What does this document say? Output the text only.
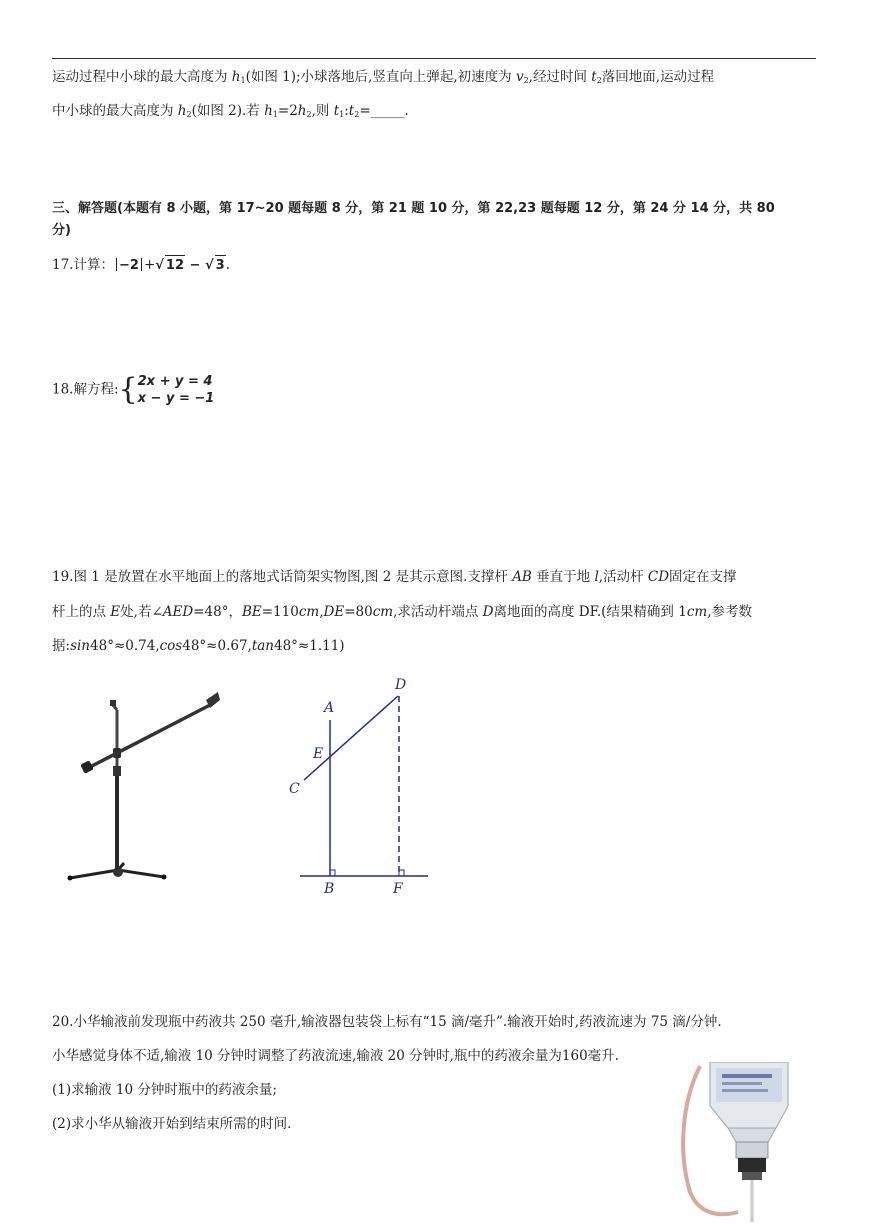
运动过程中小球的最大高度为 $h_1$(如图 1);小球落地后,竖直向上弹起,初速度为 $v_2$,经过时间 $t_2$落回地面,运动过程
中小球的最大高度为 $h_2$(如图 2).若 $h_1=2h_2$,则 $t_1:t_2=\_\_\_\_\_$.
三、解答题(本题有 8 小题，第 17~20 题每题 8 分，第 21 题 10 分，第 22,23 题每题 12 分，第 24 分 14 分，共 80
分)
17.计算： −2 +√ 12 − √ 3.
18.解方程:{ 2x + y = 4
x − y = −1
19.图 1 是放置在水平地面上的落地式话筒架实物图,图 2 是其示意图.支撑杆 AB 垂直于地 l,活动杆 CD固定在支撑
杆上的点 E处,若∠AED=48°，BE=110cm,DE=80cm,求活动杆端点 D离地面的高度 DF.(结果精确到 1cm,参考数
据:sin48°≈0.74,cos48°≈0.67,tan48°≈1.11)
A
D
E
C
B	F
20.小华输液前发现瓶中药液共 250 毫升,输液器包装袋上标有“15 滴/毫升”.输液开始时,药液流速为 75 滴/分钟.
小华感觉身体不适,输液 10 分钟时调整了药液流速,输液 20 分钟时,瓶中的药液余量为160毫升.
(1)求输液 10 分钟时瓶中的药液余量;
(2)求小华从输液开始到结束所需的时间.
